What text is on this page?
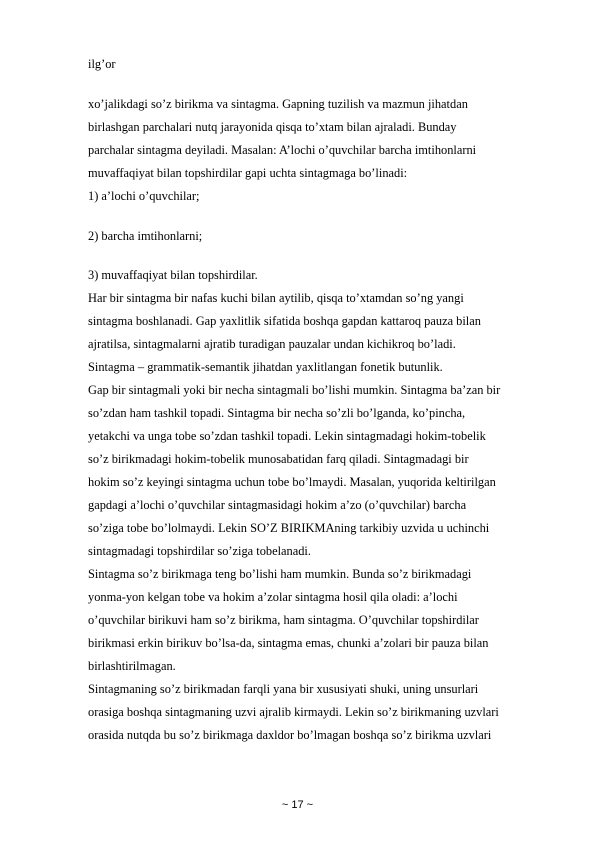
ilg’or
xo’jalikdagi so’z birikma va sintagma. Gapning tuzilish va mazmun jihatdan
birlashgan parchalari nutq jarayonida qisqa to’xtam bilan ajraladi. Bunday
parchalar sintagma deyiladi. Masalan: A’lochi o’quvchilar barcha imtihonlarni
muvaffaqiyat bilan topshirdilar gapi uchta sintagmaga bo’linadi:
1) a’lochi o’quvchilar;
2) barcha imtihonlarni;
3) muvaffaqiyat bilan topshirdilar.
Har bir sintagma bir nafas kuchi bilan aytilib, qisqa to’xtamdan so’ng yangi
sintagma boshlanadi. Gap yaxlitlik sifatida boshqa gapdan kattaroq pauza bilan
ajratilsa, sintagmalarni ajratib turadigan pauzalar undan kichikroq bo’ladi.
Sintagma – grammatik-semantik jihatdan yaxlitlangan fonetik butunlik.
Gap bir sintagmali yoki bir necha sintagmali bo’lishi mumkin. Sintagma ba’zan bir
so’zdan ham tashkil topadi. Sintagma bir necha so’zli bo’lganda, ko’pincha,
yetakchi va unga tobe so’zdan tashkil topadi. Lekin sintagmadagi hokim-tobelik
so’z birikmadagi hokim-tobelik munosabatidan farq qiladi. Sintagmadagi bir
hokim so’z keyingi sintagma uchun tobe bo’lmaydi. Masalan, yuqorida keltirilgan
gapdagi a’lochi o’quvchilar sintagmasidagi hokim a’zo (o’quvchilar) barcha
so’ziga tobe bo’lolmaydi. Lekin SO’Z BIRIKMAning tarkibiy uzvida u uchinchi
sintagmadagi topshirdilar so’ziga tobelanadi.
Sintagma so’z birikmaga teng bo’lishi ham mumkin. Bunda so’z birikmadagi
yonma-yon kelgan tobe va hokim a’zolar sintagma hosil qila oladi: a’lochi
o’quvchilar birikuvi ham so’z birikma, ham sintagma. O’quvchilar topshirdilar
birikmasi erkin birikuv bo’lsa-da, sintagma emas, chunki a’zolari bir pauza bilan
birlashtirilmagan.
Sintagmaning so’z birikmadan farqli yana bir xususiyati shuki, uning unsurlari
orasiga boshqa sintagmaning uzvi ajralib kirmaydi. Lekin so’z birikmaning uzvlari
orasida nutqda bu so’z birikmaga daxldor bo’lmagan boshqa so’z birikma uzvlari
~ 17 ~
